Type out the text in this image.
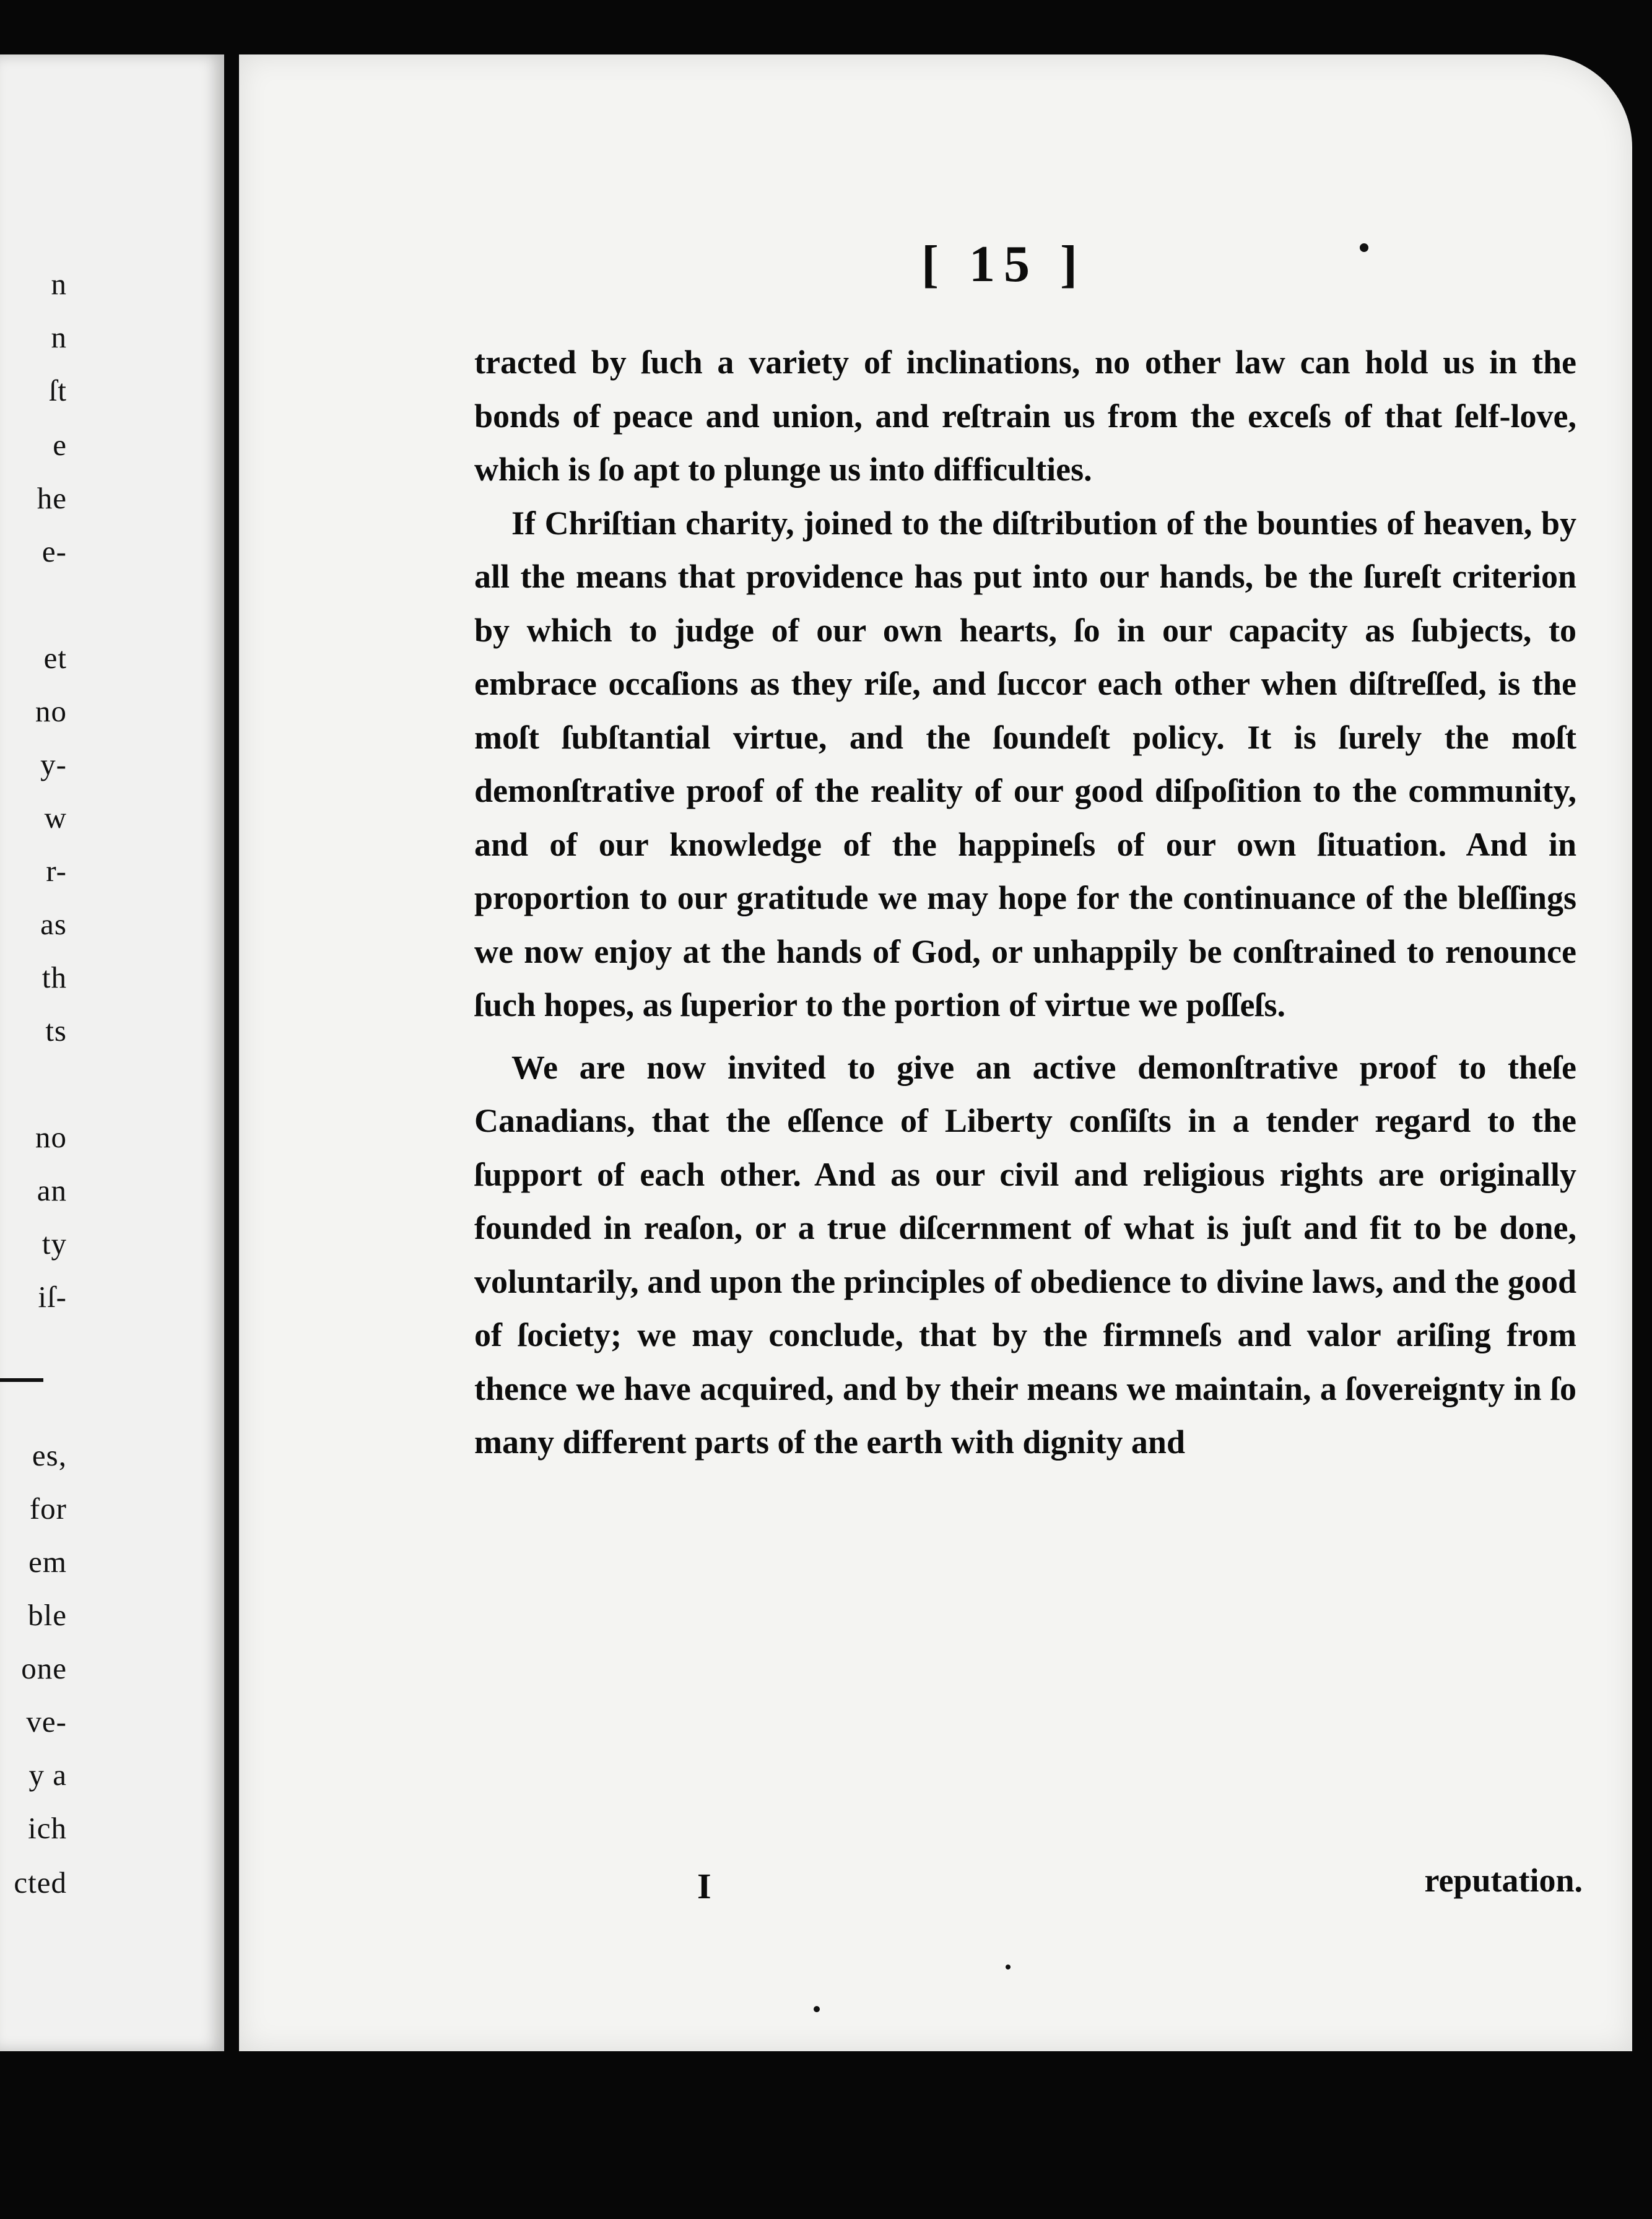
n
n
ſt
e
he
e-
et
no
y-
w
r-
as
th
ts
no
an
ty
iſ-
es,
for
em
ble
one
ve-
y a
ich
cted
[ 15 ]

tracted by ſuch a variety of inclinations, no other law can hold us in the bonds of peace and union, and reſtrain us from the exceſs of that ſelf-love, which is ſo apt to plunge us into difficulties.

If Chriſtian charity, joined to the diſtribution of the bounties of heaven, by all the means that providence has put into our hands, be the ſureſt criterion by which to judge of our own hearts, ſo in our capacity as ſubjects, to embrace occaſions as they riſe, and ſuccor each other when diſtreſſed, is the moſt ſubſtantial virtue, and the ſoundeſt policy. It is ſurely the moſt demonſtrative proof of the reality of our good diſpoſition to the community, and of our knowledge of the happineſs of our own ſituation. And in proportion to our gratitude we may hope for the continuance of the bleſſings we now enjoy at the hands of God, or unhappily be conſtrained to renounce ſuch hopes, as ſuperior to the portion of virtue we poſſeſs.

We are now invited to give an active demonſtrative proof to theſe Canadians, that the eſſence of Liberty conſiſts in a tender regard to the ſupport of each other. And as our civil and religious rights are originally founded in reaſon, or a true diſcernment of what is juſt and fit to be done, voluntarily, and upon the principles of obedience to divine laws, and the good of ſociety; we may conclude, that by the firmneſs and valor ariſing from thence we have acquired, and by their means we maintain, a ſovereignty in ſo many different parts of the earth with dignity and

I	reputation.
